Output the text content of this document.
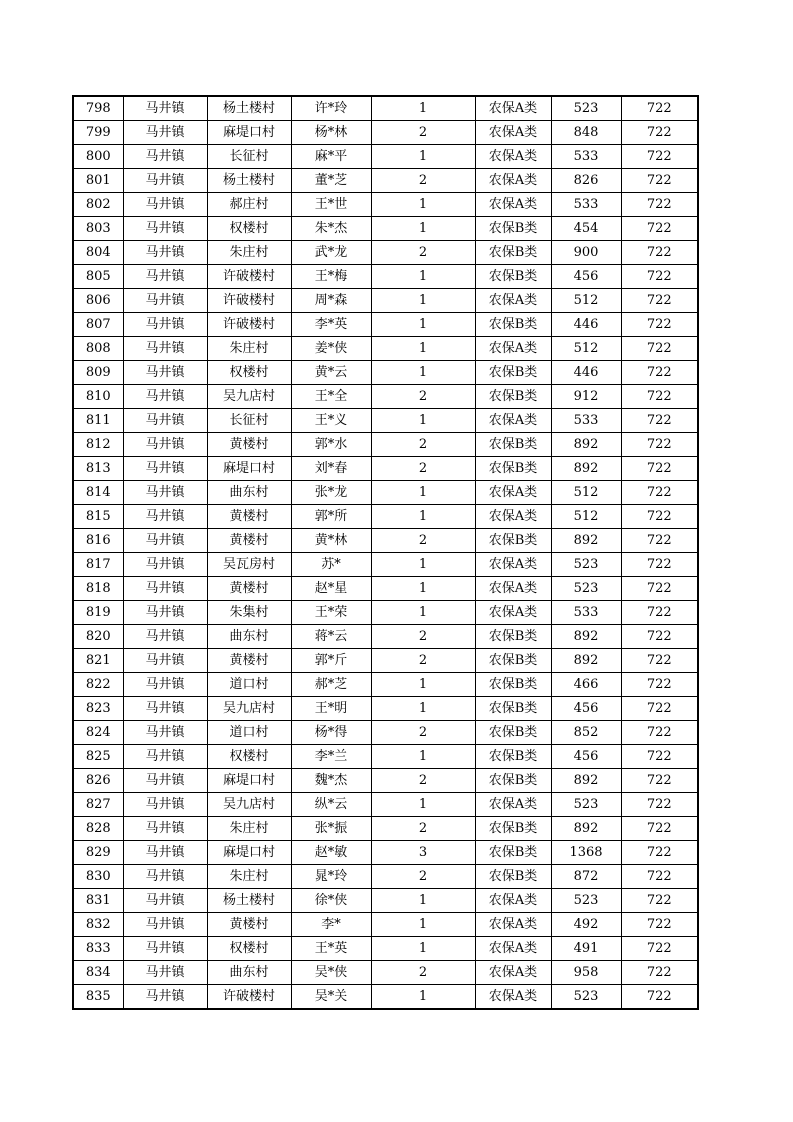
798	马井镇	杨土楼村	许*玲	1	农保A类	523	722
799	马井镇	麻堤口村	杨*林	2	农保A类	848	722
800	马井镇	长征村	麻*平	1	农保A类	533	722
801	马井镇	杨土楼村	董*芝	2	农保A类	826	722
802	马井镇	郝庄村	王*世	1	农保A类	533	722
803	马井镇	权楼村	朱*杰	1	农保B类	454	722
804	马井镇	朱庄村	武*龙	2	农保B类	900	722
805	马井镇	许破楼村	王*梅	1	农保B类	456	722
806	马井镇	许破楼村	周*森	1	农保A类	512	722
807	马井镇	许破楼村	李*英	1	农保B类	446	722
808	马井镇	朱庄村	姜*侠	1	农保A类	512	722
809	马井镇	权楼村	黄*云	1	农保B类	446	722
810	马井镇	吴九店村	王*全	2	农保B类	912	722
811	马井镇	长征村	王*义	1	农保A类	533	722
812	马井镇	黄楼村	郭*水	2	农保B类	892	722
813	马井镇	麻堤口村	刘*春	2	农保B类	892	722
814	马井镇	曲东村	张*龙	1	农保A类	512	722
815	马井镇	黄楼村	郭*所	1	农保A类	512	722
816	马井镇	黄楼村	黄*林	2	农保B类	892	722
817	马井镇	吴瓦房村	苏*	1	农保A类	523	722
818	马井镇	黄楼村	赵*星	1	农保A类	523	722
819	马井镇	朱集村	王*荣	1	农保A类	533	722
820	马井镇	曲东村	蒋*云	2	农保B类	892	722
821	马井镇	黄楼村	郭*斤	2	农保B类	892	722
822	马井镇	道口村	郝*芝	1	农保B类	466	722
823	马井镇	吴九店村	王*明	1	农保B类	456	722
824	马井镇	道口村	杨*得	2	农保B类	852	722
825	马井镇	权楼村	李*兰	1	农保B类	456	722
826	马井镇	麻堤口村	魏*杰	2	农保B类	892	722
827	马井镇	吴九店村	纵*云	1	农保A类	523	722
828	马井镇	朱庄村	张*振	2	农保B类	892	722
829	马井镇	麻堤口村	赵*敏	3	农保B类	1368	722
830	马井镇	朱庄村	晁*玲	2	农保B类	872	722
831	马井镇	杨土楼村	徐*侠	1	农保A类	523	722
832	马井镇	黄楼村	李*	1	农保A类	492	722
833	马井镇	权楼村	王*英	1	农保A类	491	722
834	马井镇	曲东村	吴*侠	2	农保A类	958	722
835	马井镇	许破楼村	吴*关	1	农保A类	523	722
